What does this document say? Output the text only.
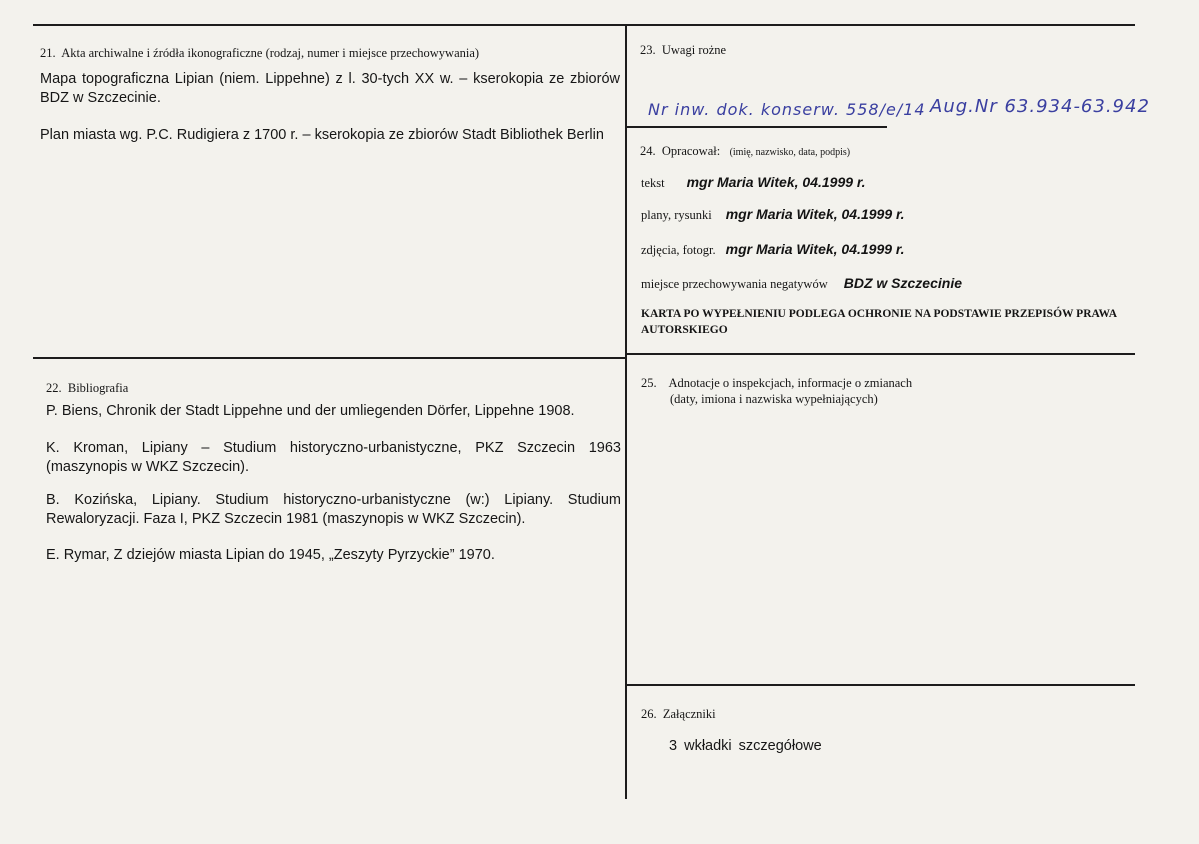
21. Akta archiwalne i źródła ikonograficzne (rodzaj, numer i miejsce przechowywania)
Mapa topograficzna Lipian (niem. Lippehne) z l. 30-tych XX w. – kserokopia ze zbiorów BDZ w Szczecinie.
Plan miasta wg. P.C. Rudigiera z 1700 r. – kserokopia ze zbiorów Stadt Bibliothek Berlin
22. Bibliografia
P. Biens, Chronik der Stadt Lippehne und der umliegenden Dörfer, Lippehne 1908.
K. Kroman, Lipiany – Studium historyczno-urbanistyczne, PKZ Szczecin 1963 (maszynopis w WKZ Szczecin).
B. Kozińska, Lipiany. Studium historyczno-urbanistyczne (w:) Lipiany. Studium Rewaloryzacji. Faza I, PKZ Szczecin 1981 (maszynopis w WKZ Szczecin).
E. Rymar, Z dziejów miasta Lipian do 1945, „Zeszyty Pyrzyckie” 1970.
23. Uwagi rożne
Nr inw. dok. konserw. 558/e/14 Aug.Nr 63.934-63.942
24. Opracował: (imię, nazwisko, data, podpis)
tekst mgr Maria Witek, 04.1999 r.
plany, rysunki mgr Maria Witek, 04.1999 r.
zdjęcia, fotogr. mgr Maria Witek, 04.1999 r.
miejsce przechowywania negatywów BDZ w Szczecinie
KARTA PO WYPEŁNIENIU PODLEGA OCHRONIE NA PODSTAWIE PRZEPISÓW PRAWA AUTORSKIEGO
25. Adnotacje o inspekcjach, informacje o zmianach
(daty, imiona i nazwiska wypełniających)
26. Załączniki
3 wkładki szczegółowe
